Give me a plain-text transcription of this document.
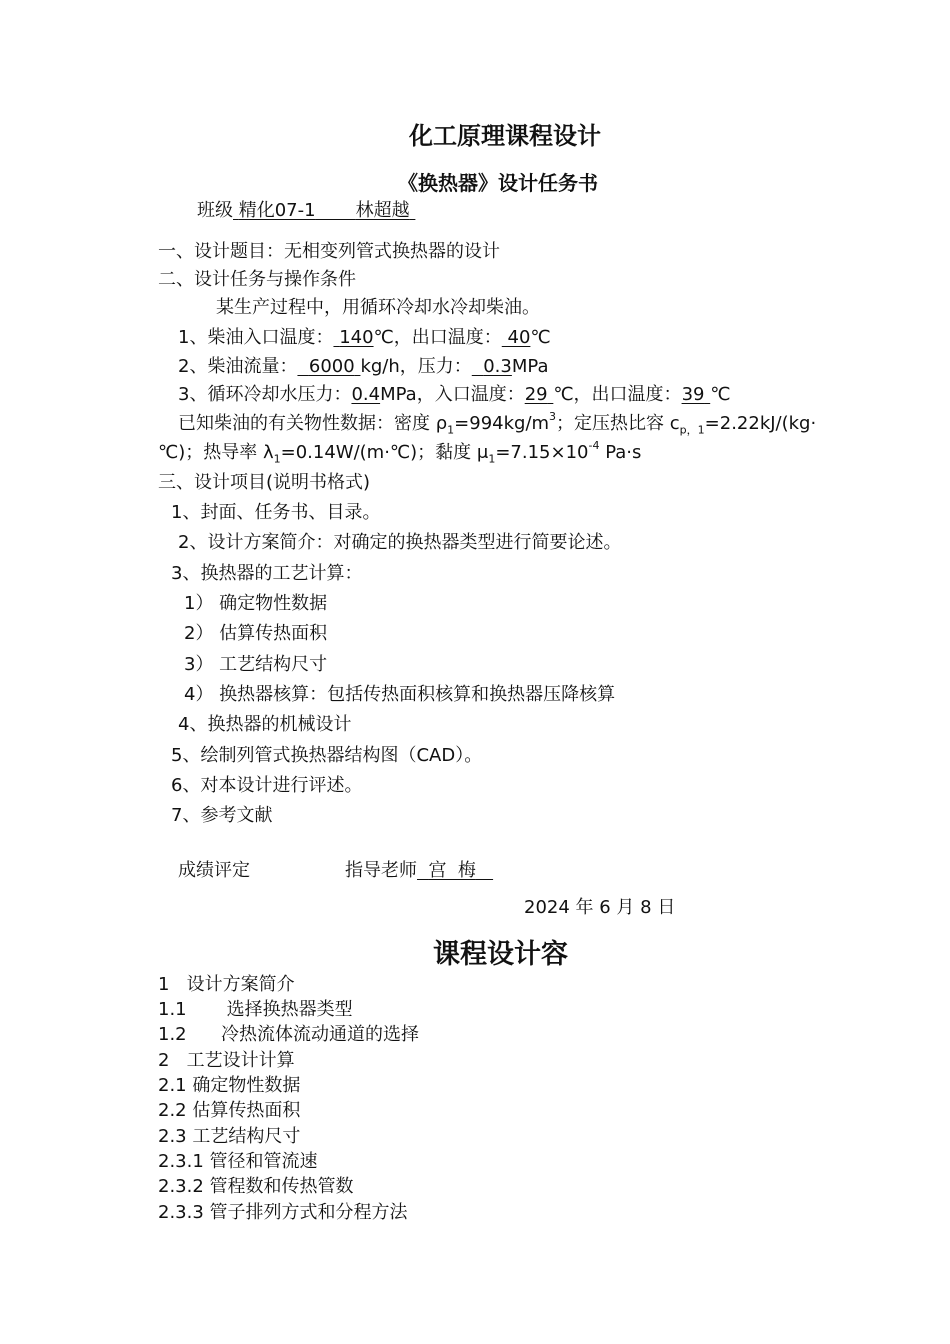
化工原理课程设计
《换热器》设计任务书
班级 精化07-1 林超越
一、设计题目：无相变列管式换热器的设计
二、设计任务与操作条件
某生产过程中，用循环冷却水冷却柴油。
1、柴油入口温度： 140℃，出口温度： 40℃
2、柴油流量： 6000 kg/h，压力： 0.3MPa
3、循环冷却水压力：0.4MPa，入口温度：29 ℃，出口温度：39 ℃
已知柴油的有关物性数据：密度 $\rho_1=994kg/m^3$；定压热比容 $c_{p,1}=2.22kJ/(kg\cdot$
℃)；热导率 $\lambda_1=0.14W/(m\cdot℃)$；黏度 $\mu_1=7.15\times 10^{-4}$ Pa·s
三、设计项目(说明书格式)
1、封面、任务书、目录。
2、设计方案简介：对确定的换热器类型进行简要论述。
3、换热器的工艺计算：
1） 确定物性数据
2） 估算传热面积
3） 工艺结构尺寸
4） 换热器核算：包括传热面积核算和换热器压降核算
4、换热器的机械设计
5、绘制列管式换热器结构图（CAD）。
6、对本设计进行评述。
7、参考文献
成绩评定	指导老师 宫  梅
2024 年 6 月 8 日
课程设计容
1   设计方案简介
1.1       选择换热器类型
1.2      冷热流体流动通道的选择
2   工艺设计计算
2.1 确定物性数据
2.2 估算传热面积
2.3 工艺结构尺寸
2.3.1 管径和管流速
2.3.2 管程数和传热管数
2.3.3 管子排列方式和分程方法
